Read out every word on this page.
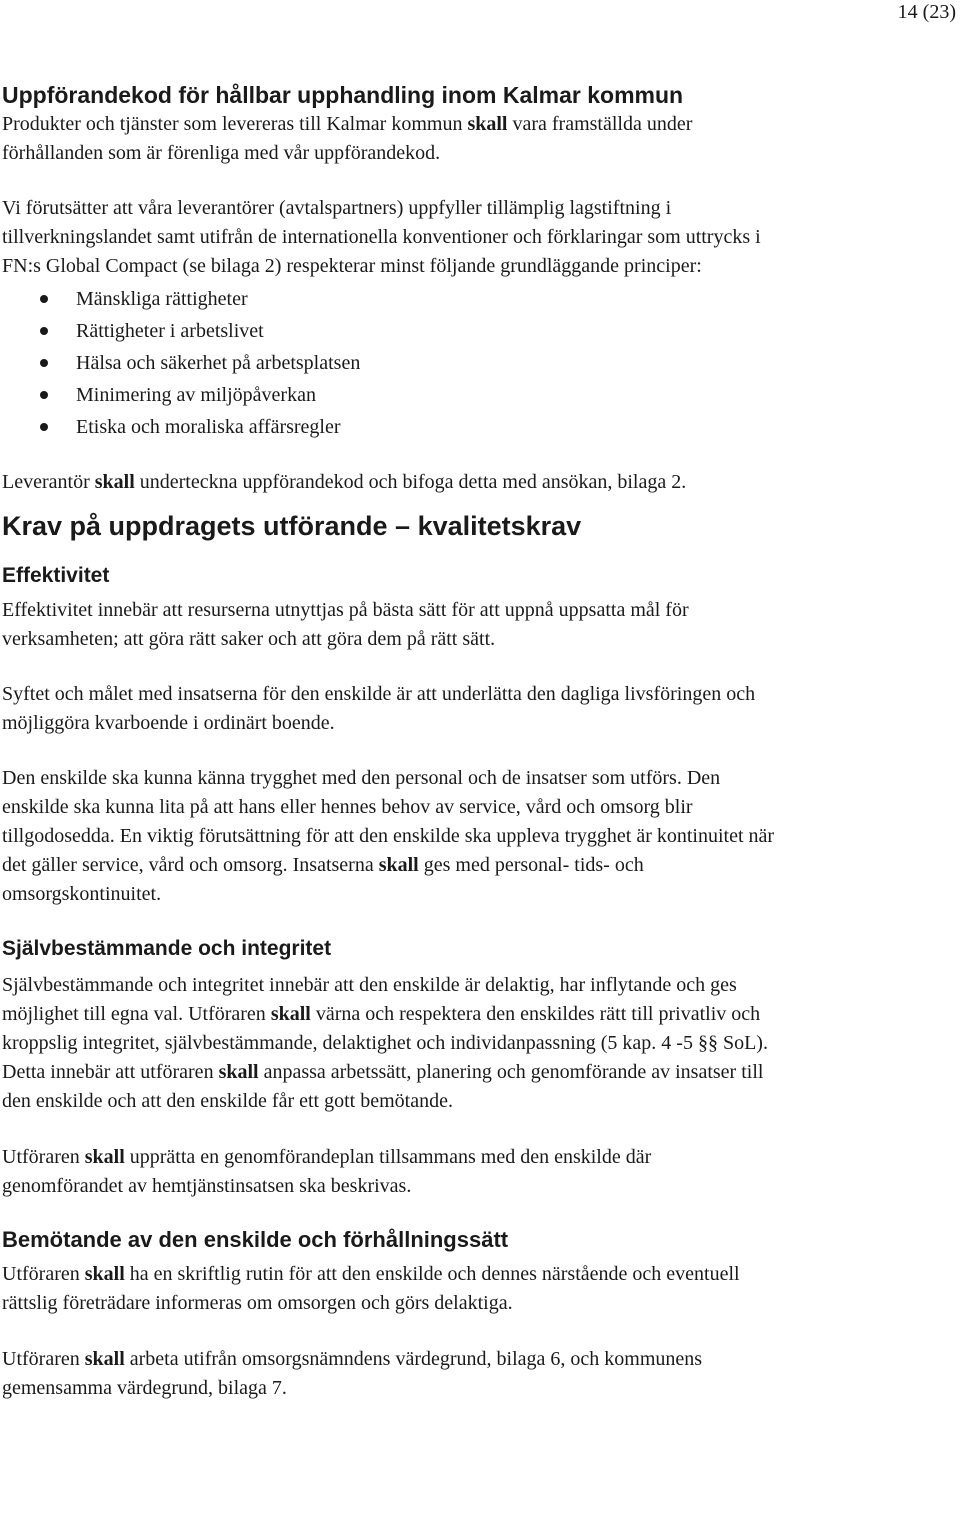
14 (23)
Uppförandekod för hållbar upphandling inom Kalmar kommun

Produkter och tjänster som levereras till Kalmar kommun skall vara framställda under förhållanden som är förenliga med vår uppförandekod.

Vi förutsätter att våra leverantörer (avtalspartners) uppfyller tillämplig lagstiftning i tillverkningslandet samt utifrån de internationella konventioner och förklaringar som uttrycks i FN:s Global Compact (se bilaga 2) respekterar minst följande grundläggande principer:

Mänskliga rättigheter
Rättigheter i arbetslivet
Hälsa och säkerhet på arbetsplatsen
Minimering av miljöpåverkan
Etiska och moraliska affärsregler

Leverantör skall underteckna uppförandekod och bifoga detta med ansökan, bilaga 2.

Krav på uppdragets utförande – kvalitetskrav
Effektivitet

Effektivitet innebär att resurserna utnyttjas på bästa sätt för att uppnå uppsatta mål för verksamheten; att göra rätt saker och att göra dem på rätt sätt.

Syftet och målet med insatserna för den enskilde är att underlätta den dagliga livsföringen och möjliggöra kvarboende i ordinärt boende.

Den enskilde ska kunna känna trygghet med den personal och de insatser som utförs. Den enskilde ska kunna lita på att hans eller hennes behov av service, vård och omsorg blir tillgodosedda. En viktig förutsättning för att den enskilde ska uppleva trygghet är kontinuitet när det gäller service, vård och omsorg. Insatserna skall ges med personal- tids- och omsorgskontinuitet.

Självbestämmande och integritet

Självbestämmande och integritet innebär att den enskilde är delaktig, har inflytande och ges möjlighet till egna val. Utföraren skall värna och respektera den enskildes rätt till privatliv och kroppslig integritet, självbestämmande, delaktighet och individanpassning (5 kap. 4 -5 §§ SoL). Detta innebär att utföraren skall anpassa arbetssätt, planering och genomförande av insatser till den enskilde och att den enskilde får ett gott bemötande.

Utföraren skall upprätta en genomförandeplan tillsammans med den enskilde där genomförandet av hemtjänstinsatsen ska beskrivas.

Bemötande av den enskilde och förhållningssätt

Utföraren skall ha en skriftlig rutin för att den enskilde och dennes närstående och eventuell rättslig företrädare informeras om omsorgen och görs delaktiga.

Utföraren skall arbeta utifrån omsorgsnämndens värdegrund, bilaga 6, och kommunens gemensamma värdegrund, bilaga 7.
